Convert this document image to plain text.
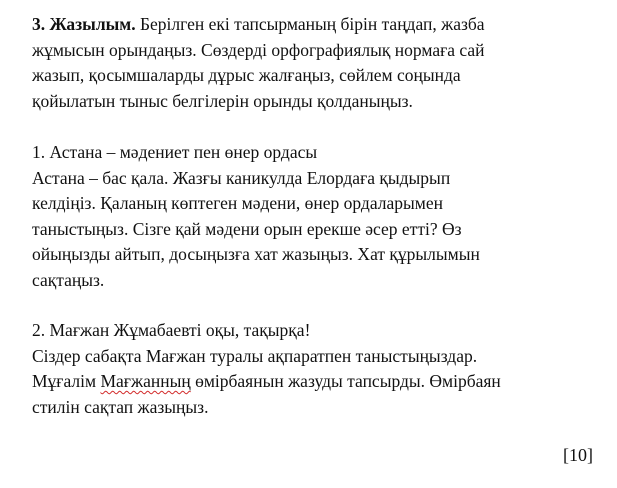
3. Жазылым. Берілген екі тапсырманың бірін таңдап, жазба
жұмысын орындаңыз. Сөздерді орфографиялық нормаға сай
жазып, қосымшаларды дұрыс жалғаңыз, сөйлем соңында
қойылатын тыныс белгілерін орынды қолданыңыз.
1. Астана – мәдениет пен өнер ордасы
Астана – бас қала. Жазғы каникулда Елордаға қыдырып
келдіңіз. Қаланың көптеген мәдени, өнер ордаларымен
таныстыңыз. Сізге қай мәдени орын ерекше әсер етті? Өз
ойыңызды айтып, досыңызға хат жазыңыз. Хат құрылымын
сақтаңыз.
2. Мағжан Жұмабаевті оқы, тақырқа!
Сіздер сабақта Мағжан туралы ақпаратпен таныстыңыздар.
Мұғалім Мағжанның өмірбаянын жазуды тапсырды. Өмірбаян
стилін сақтап жазыңыз.
[10]
